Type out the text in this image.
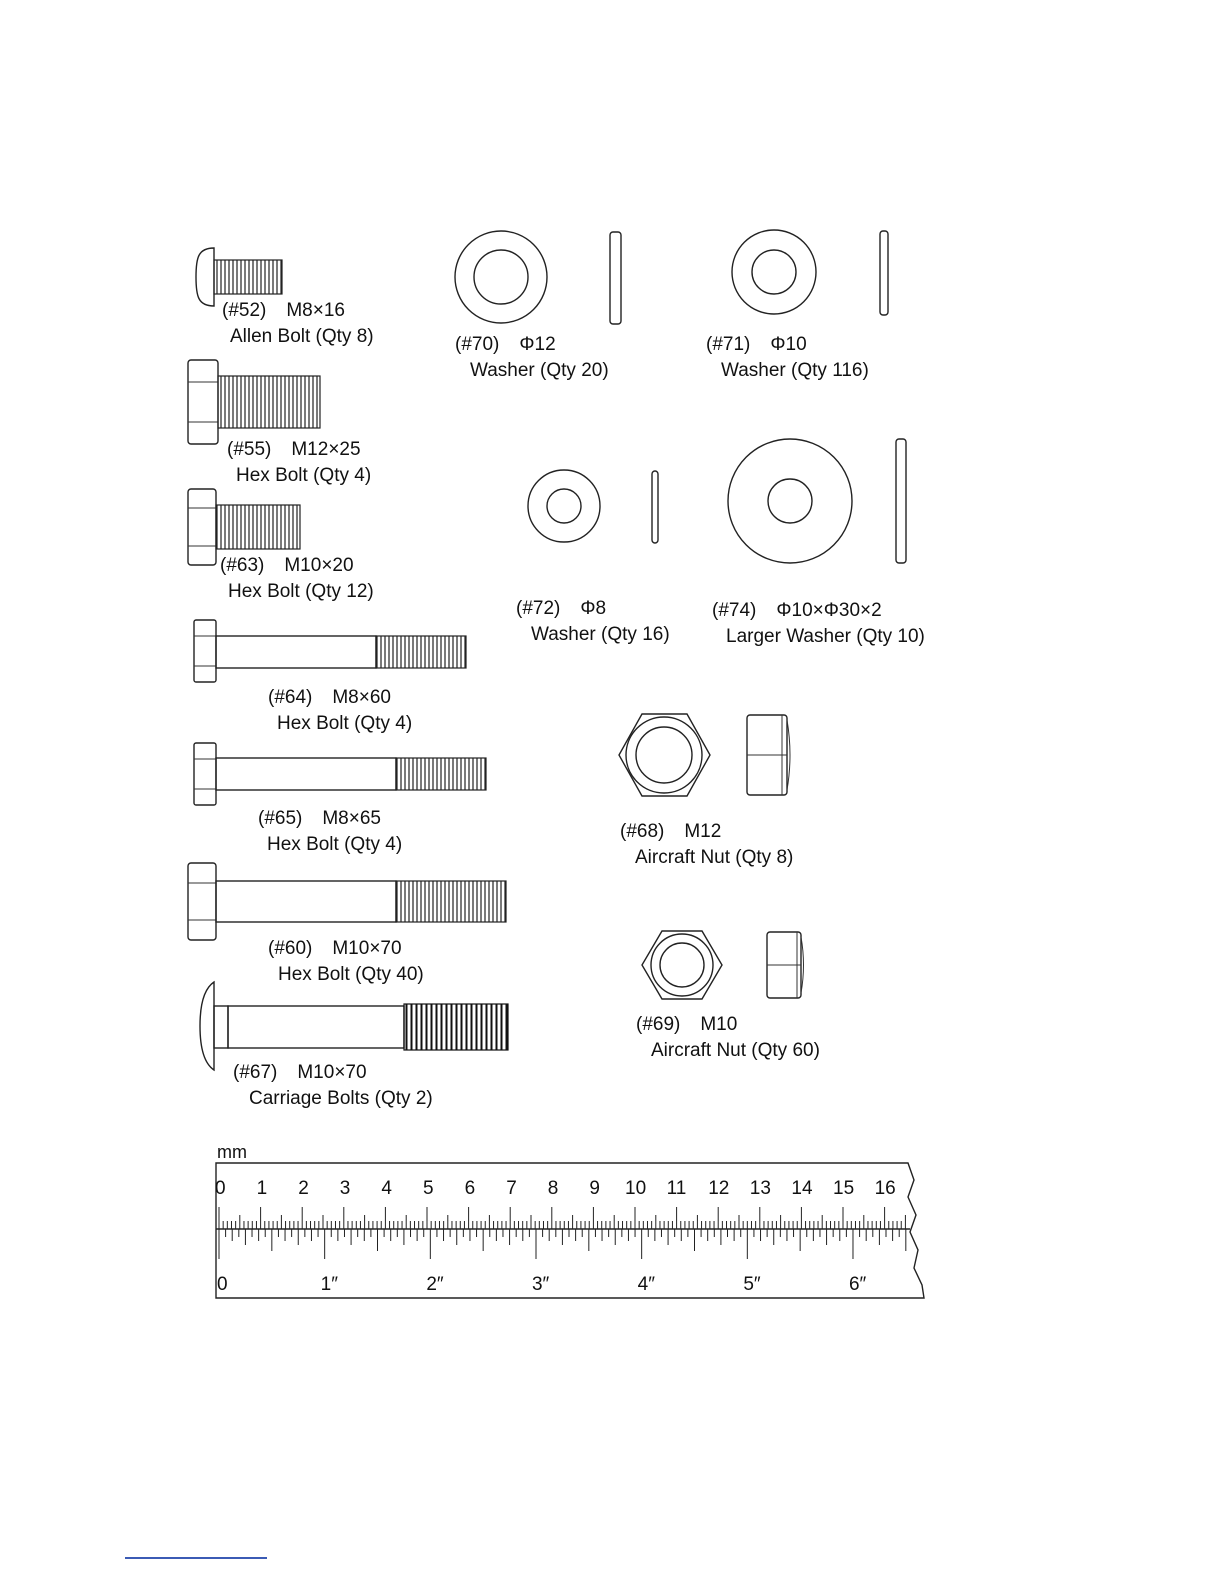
mm
0 1 2 3 4 5 6 7 8 9 10 11 12 13 14 15 16
0	1″	2″	3″	4″	5″	6″
(#52) M8×16
Allen Bolt (Qty 8)
(#55) M12×25
Hex Bolt (Qty 4)
(#63) M10×20
Hex Bolt (Qty 12)
(#64) M8×60
Hex Bolt (Qty 4)
(#65) M8×65
Hex Bolt (Qty 4)
(#60) M10×70
Hex Bolt (Qty 40)
(#67) M10×70
Carriage Bolts (Qty 2)
(#70) Φ12
Washer (Qty 20)
(#71) Φ10
Washer (Qty 116)
(#72) Φ8
Washer (Qty 16)
(#74) Φ10×Φ30×2
Larger Washer (Qty 10)
(#68) M12
Aircraft Nut (Qty 8)
(#69) M10
Aircraft Nut (Qty 60)
